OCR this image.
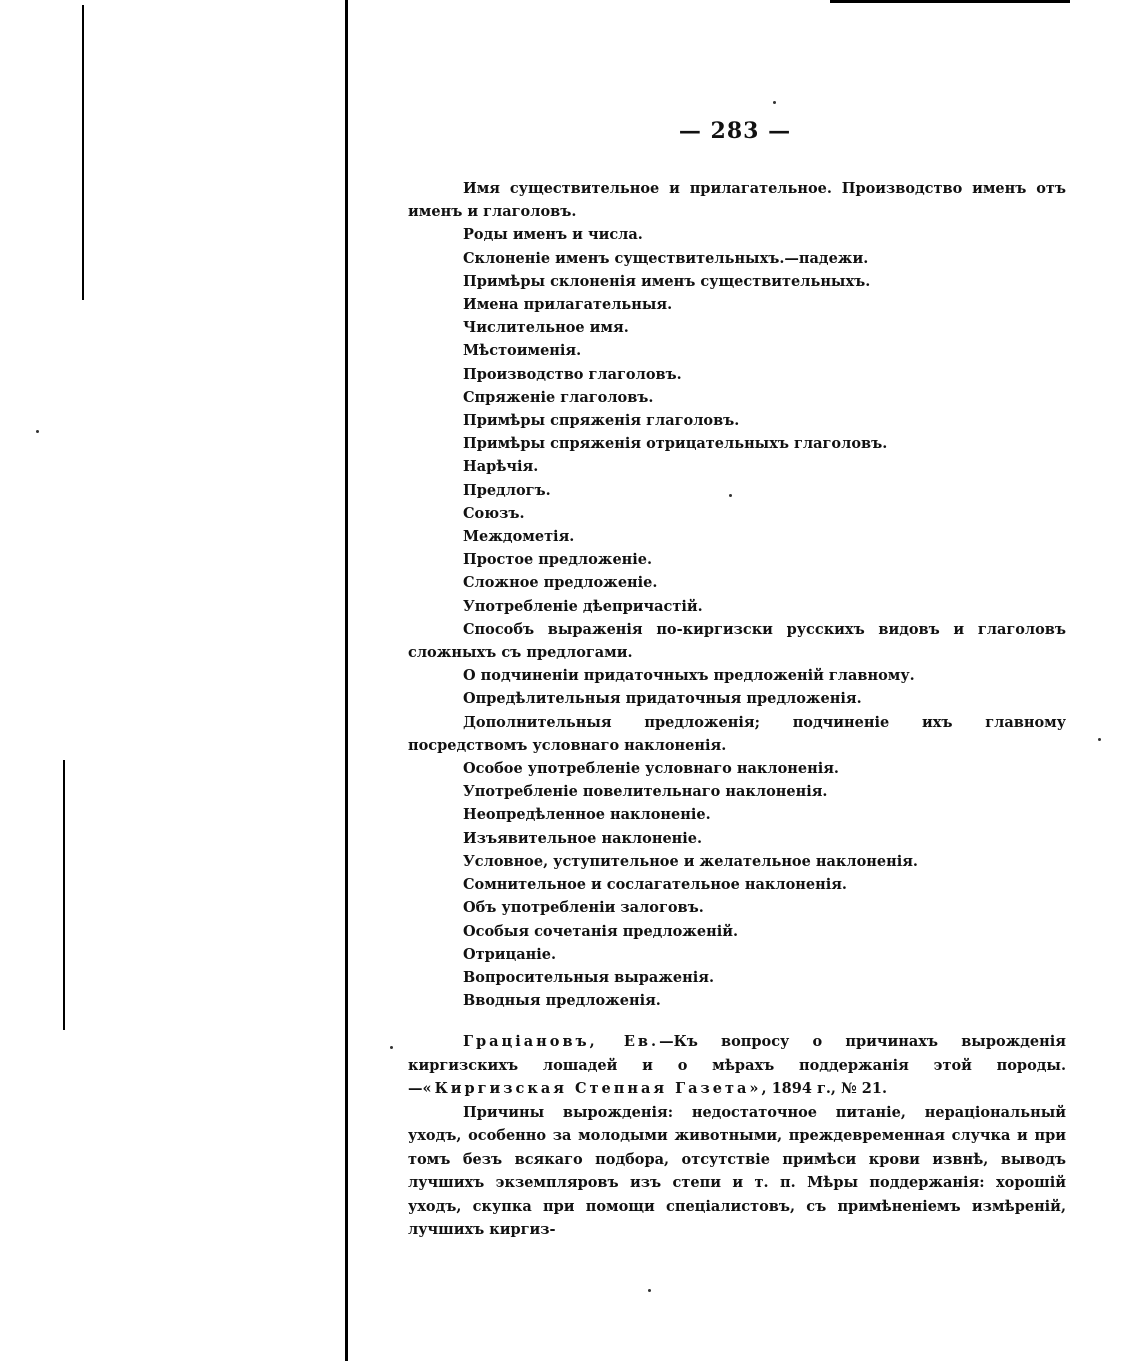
— 283 —

Имя существительное и прилагательное. Производство именъ отъ именъ и глаголовъ.

Роды именъ и числа.

Склоненіе именъ существительныхъ.—падежи.

Примѣры склоненія именъ существительныхъ.

Имена прилагательныя.

Числительное имя.

Мѣстоименія.

Производство глаголовъ.

Спряженіе глаголовъ.

Примѣры спряженія глаголовъ.

Примѣры спряженія отрицательныхъ глаголовъ.

Нарѣчія.

Предлогъ.

Союзъ.

Междометія.

Простое предложеніе.

Сложное предложеніе.

Употребленіе дѣепричастій.

Способъ выраженія по-киргизски русскихъ видовъ и глаголовъ сложныхъ съ предлогами.

О подчиненіи придаточныхъ предложеній главному.

Опредѣлительныя придаточныя предложенія.

Дополнительныя предложенія; подчиненіе ихъ главному посредствомъ условнаго наклоненія.

Особое употребленіе условнаго наклоненія.

Употребленіе повелительнаго наклоненія.

Неопредѣленное наклоненіе.

Изъявительное наклоненіе.

Условное, уступительное и желательное наклоненія.

Сомнительное и сослагательное наклоненія.

Объ употребленіи залоговъ.

Особыя сочетанія предложеній.

Отрицаніе.

Вопросительныя выраженія.

Вводныя предложенія.

Граціановъ, Ев.—Къ вопросу о причинахъ вырожденія киргизскихъ лошадей и о мѣрахъ поддержанія этой породы.—«Киргизская Степная Газета», 1894 г., № 21.

Причины вырожденія: недостаточное питаніе, нераціональный уходъ, особенно за молодыми животными, преждевременная случка и при томъ безъ всякаго подбора, отсутствіе примѣси крови извнѣ, выводъ лучшихъ экземпляровъ изъ степи и т. п. Мѣры поддержанія: хорошій уходъ, скупка при помощи спеціалистовъ, съ примѣненіемъ измѣреній, лучшихъ киргиз-
